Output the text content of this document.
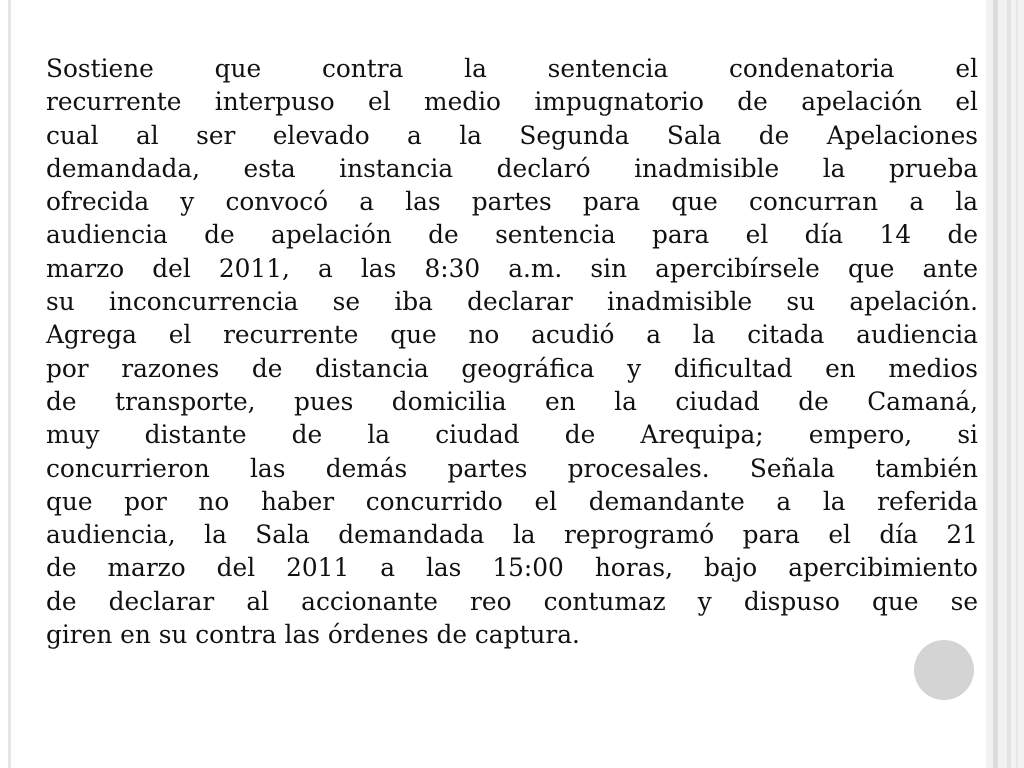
Sostiene que contra la sentencia condenatoria el
recurrente interpuso el medio impugnatorio de apelación el
cual al ser elevado a la Segunda Sala de Apelaciones
demandada, esta instancia declaró inadmisible la prueba
ofrecida y convocó a las partes para que concurran a la
audiencia de apelación de sentencia para el día 14 de
marzo del 2011, a las 8:30 a.m. sin apercibírsele que ante
su inconcurrencia se iba declarar inadmisible su apelación.
Agrega el recurrente que no acudió a la citada audiencia
por razones de distancia geográfica y dificultad en medios
de transporte, pues domicilia en la ciudad de Camaná,
muy distante de la ciudad de Arequipa; empero, si
concurrieron las demás partes procesales. Señala también
que por no haber concurrido el demandante a la referida
audiencia, la Sala demandada la reprogramó para el día 21
de marzo del 2011 a las 15:00 horas, bajo apercibimiento
de declarar al accionante reo contumaz y dispuso que se
giren en su contra las órdenes de captura.
